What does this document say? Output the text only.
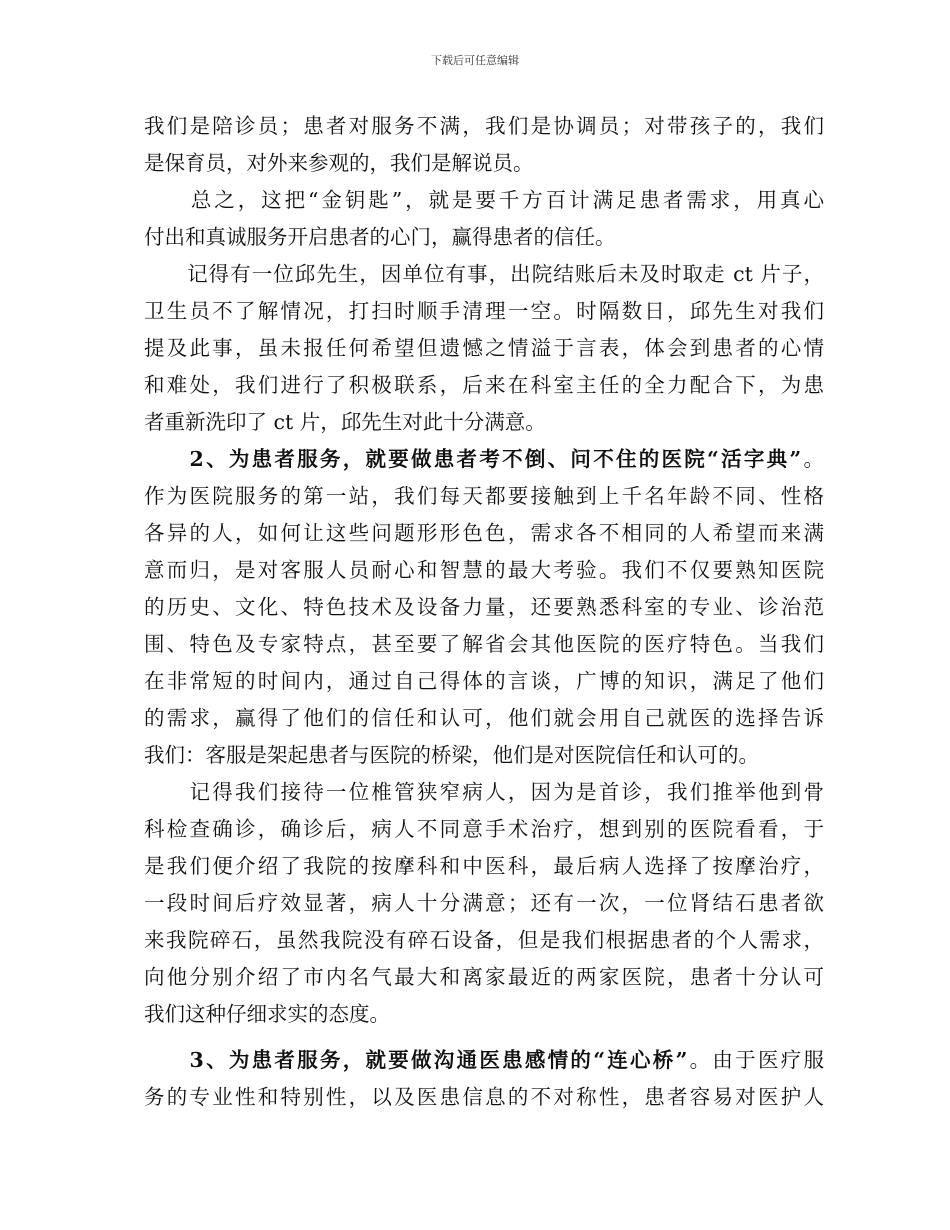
下载后可任意编辑
我们是陪诊员；患者对服务不满，我们是协调员；对带孩子的，我们
是保育员，对外来参观的，我们是解说员。
　　总之，这把“金钥匙”，就是要千方百计满足患者需求，用真心
付出和真诚服务开启患者的心门，赢得患者的信任。
　　记得有一位邱先生，因单位有事，出院结账后未及时取走 ct 片子，
卫生员不了解情况，打扫时顺手清理一空。时隔数日，邱先生对我们
提及此事，虽未报任何希望但遗憾之情溢于言表，体会到患者的心情
和难处，我们进行了积极联系，后来在科室主任的全力配合下，为患
者重新洗印了 ct 片，邱先生对此十分满意。
　　2、为患者服务，就要做患者考不倒、问不住的医院“活字典”。
作为医院服务的第一站，我们每天都要接触到上千名年龄不同、性格
各异的人，如何让这些问题形形色色，需求各不相同的人希望而来满
意而归，是对客服人员耐心和智慧的最大考验。我们不仅要熟知医院
的历史、文化、特色技术及设备力量，还要熟悉科室的专业、诊治范
围、特色及专家特点，甚至要了解省会其他医院的医疗特色。当我们
在非常短的时间内，通过自己得体的言谈，广博的知识，满足了他们
的需求，赢得了他们的信任和认可，他们就会用自己就医的选择告诉
我们：客服是架起患者与医院的桥梁，他们是对医院信任和认可的。
　　记得我们接待一位椎管狭窄病人，因为是首诊，我们推举他到骨
科检查确诊，确诊后，病人不同意手术治疗，想到别的医院看看，于
是我们便介绍了我院的按摩科和中医科，最后病人选择了按摩治疗，
一段时间后疗效显著，病人十分满意；还有一次，一位肾结石患者欲
来我院碎石，虽然我院没有碎石设备，但是我们根据患者的个人需求，
向他分别介绍了市内名气最大和离家最近的两家医院，患者十分认可
我们这种仔细求实的态度。
　　3、为患者服务，就要做沟通医患感情的“连心桥”。由于医疗服
务的专业性和特别性，以及医患信息的不对称性，患者容易对医护人
